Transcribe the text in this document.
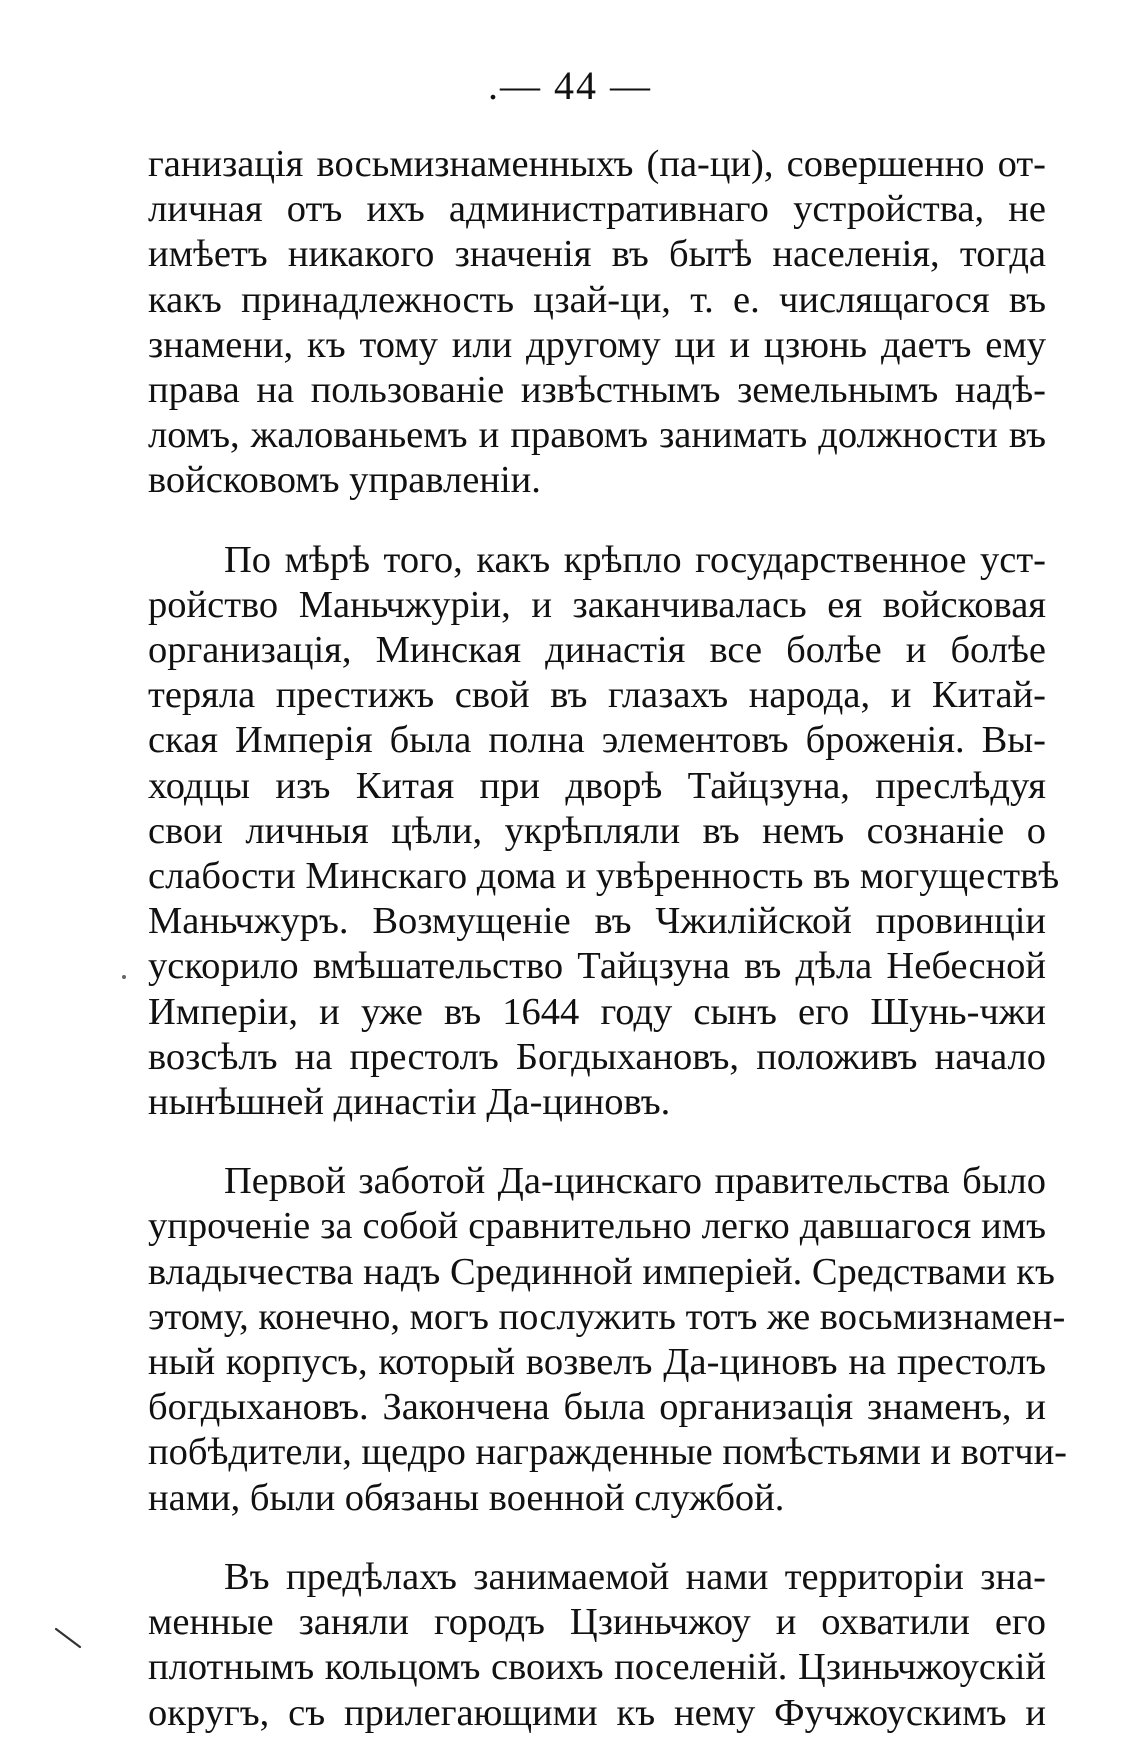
.— 44 —

ганизація восьмизнаменныхъ (па-ци), совершенно от-
личная отъ ихъ административнаго устройства, не
имѣетъ никакого значенія въ бытѣ населенія, тогда
какъ принадлежность цзай-ци, т. е. числящагося въ
знамени, къ тому или другому ци и цзюнь даетъ ему
права на пользованіе извѣстнымъ земельнымъ надѣ-
ломъ, жалованьемъ и правомъ занимать должности въ
войсковомъ управленіи.

По мѣрѣ того, какъ крѣпло государственное уст-
ройство Маньчжуріи, и заканчивалась ея войсковая
организація, Минская династія все болѣе и болѣе
теряла престижъ свой въ глазахъ народа, и Китай-
ская Имперія была полна элементовъ броженія. Вы-
ходцы изъ Китая при дворѣ Тайцзуна, преслѣдуя
свои личныя цѣли, укрѣпляли въ немъ сознаніе о
слабости Минскаго дома и увѣренность въ могуществѣ
Маньчжуръ. Возмущеніе въ Чжилійской провинціи
ускорило вмѣшательство Тайцзуна въ дѣла Небесной
Имперіи, и уже въ 1644 году сынъ его Шунь-чжи
возсѣлъ на престолъ Богдыхановъ, положивъ начало
нынѣшней династіи Да-циновъ.

Первой заботой Да-цинскаго правительства было
упроченіе за собой сравнительно легко давшагося имъ
владычества надъ Срединной имперіей. Средствами къ
этому, конечно, могъ послужить тотъ же восьмизнамен-
ный корпусъ, который возвелъ Да-циновъ на престолъ
богдыхановъ. Закончена была организація знаменъ, и
побѣдители, щедро награжденные помѣстьями и вотчи-
нами, были обязаны военной службой.

Въ предѣлахъ занимаемой нами территоріи зна-
менные заняли городъ Цзиньчжоу и охватили его
плотнымъ кольцомъ своихъ поселеній. Цзиньчжоускій
округъ, съ прилегающими къ нему Фучжоускимъ и
